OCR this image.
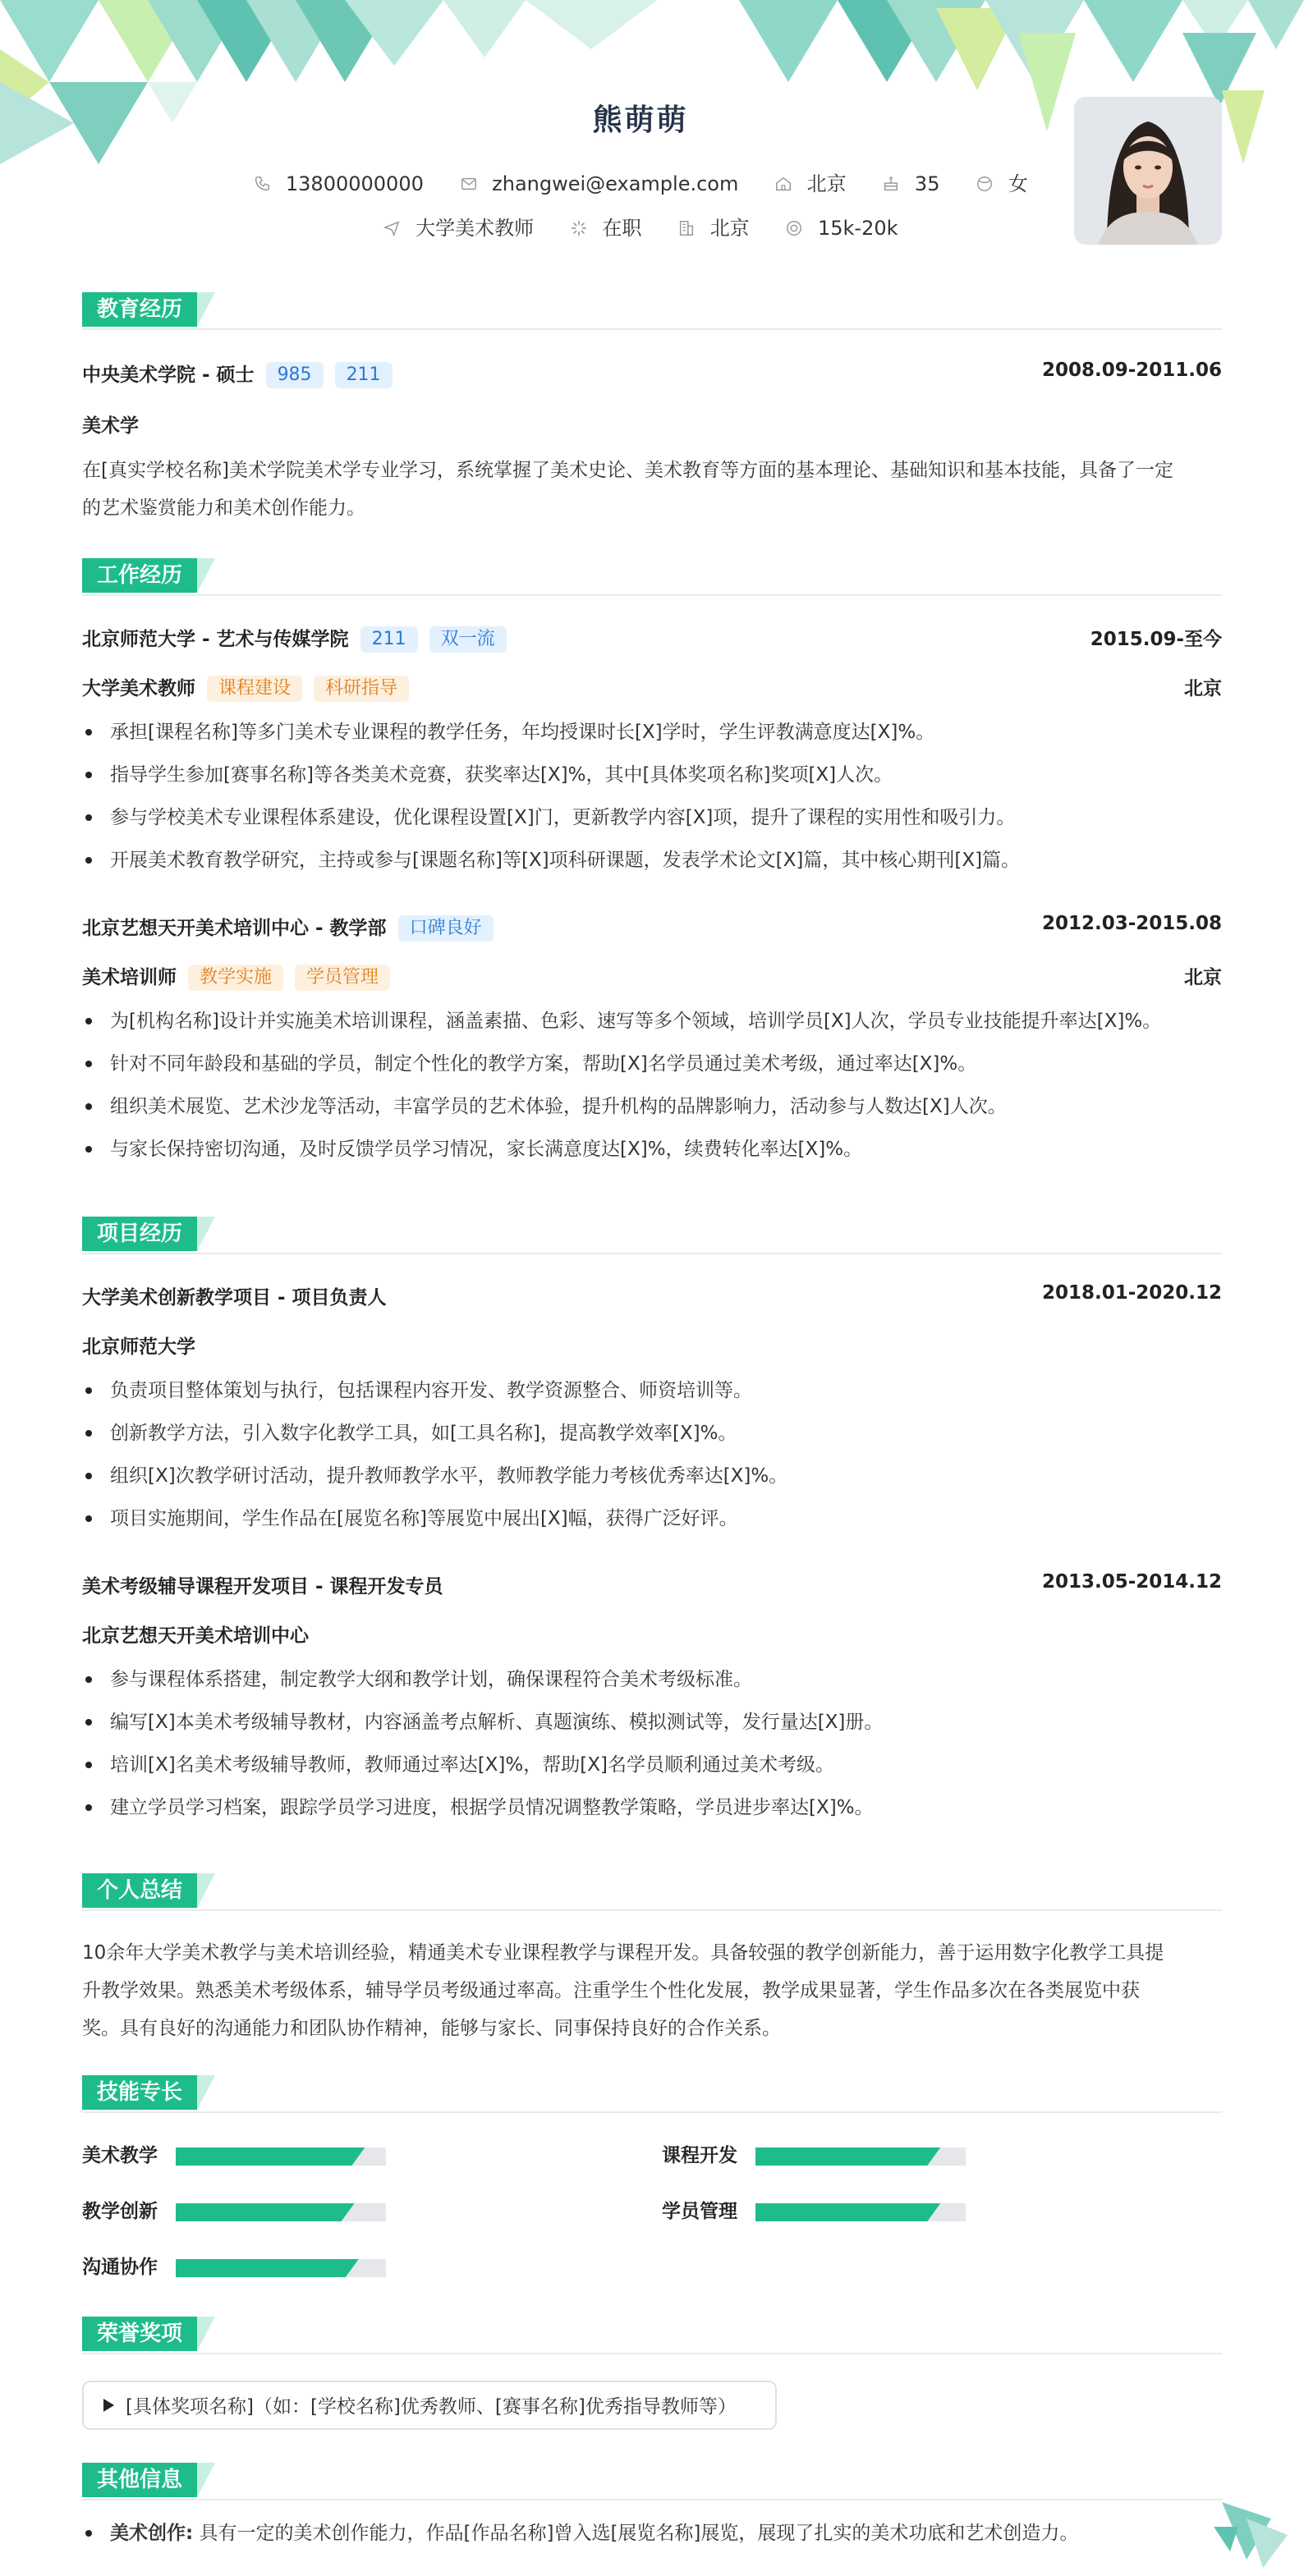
熊萌萌
13800000000	zhangwei@example.com	北京	35	女
大学美术教师	在职	北京	15k-20k
教育经历
中央美术学院 - 硕士 985 211	2008.09-2011.06
美术学
在[真实学校名称]美术学院美术学专业学习，系统掌握了美术史论、美术教育等方面的基本理论、基础知识和基本技能，具备了一定
的艺术鉴赏能力和美术创作能力。
工作经历
北京师范大学 - 艺术与传媒学院 211 双一流	2015.09-至今
大学美术教师 课程建设 科研指导	北京
承担[课程名称]等多门美术专业课程的教学任务，年均授课时长[X]学时，学生评教满意度达[X]%。
指导学生参加[赛事名称]等各类美术竞赛，获奖率达[X]%，其中[具体奖项名称]奖项[X]人次。
参与学校美术专业课程体系建设，优化课程设置[X]门，更新教学内容[X]项，提升了课程的实用性和吸引力。
开展美术教育教学研究，主持或参与[课题名称]等[X]项科研课题，发表学术论文[X]篇，其中核心期刊[X]篇。
北京艺想天开美术培训中心 - 教学部 口碑良好	2012.03-2015.08
美术培训师 教学实施 学员管理	北京
为[机构名称]设计并实施美术培训课程，涵盖素描、色彩、速写等多个领域，培训学员[X]人次，学员专业技能提升率达[X]%。
针对不同年龄段和基础的学员，制定个性化的教学方案，帮助[X]名学员通过美术考级，通过率达[X]%。
组织美术展览、艺术沙龙等活动，丰富学员的艺术体验，提升机构的品牌影响力，活动参与人数达[X]人次。
与家长保持密切沟通，及时反馈学员学习情况，家长满意度达[X]%，续费转化率达[X]%。
项目经历
大学美术创新教学项目 - 项目负责人	2018.01-2020.12
北京师范大学
负责项目整体策划与执行，包括课程内容开发、教学资源整合、师资培训等。
创新教学方法，引入数字化教学工具，如[工具名称]，提高教学效率[X]%。
组织[X]次教学研讨活动，提升教师教学水平，教师教学能力考核优秀率达[X]%。
项目实施期间，学生作品在[展览名称]等展览中展出[X]幅，获得广泛好评。
美术考级辅导课程开发项目 - 课程开发专员	2013.05-2014.12
北京艺想天开美术培训中心
参与课程体系搭建，制定教学大纲和教学计划，确保课程符合美术考级标准。
编写[X]本美术考级辅导教材，内容涵盖考点解析、真题演练、模拟测试等，发行量达[X]册。
培训[X]名美术考级辅导教师，教师通过率达[X]%，帮助[X]名学员顺利通过美术考级。
建立学员学习档案，跟踪学员学习进度，根据学员情况调整教学策略，学员进步率达[X]%。
个人总结
10余年大学美术教学与美术培训经验，精通美术专业课程教学与课程开发。具备较强的教学创新能力，善于运用数字化教学工具提
升教学效果。熟悉美术考级体系，辅导学员考级通过率高。注重学生个性化发展，教学成果显著，学生作品多次在各类展览中获
奖。具有良好的沟通能力和团队协作精神，能够与家长、同事保持良好的合作关系。
技能专长
美术教学	课程开发
教学创新	学员管理
沟通协作
荣誉奖项
[具体奖项名称]（如：[学校名称]优秀教师、[赛事名称]优秀指导教师等）
其他信息
美术创作: 具有一定的美术创作能力，作品[作品名称]曾入选[展览名称]展览，展现了扎实的美术功底和艺术创造力。
